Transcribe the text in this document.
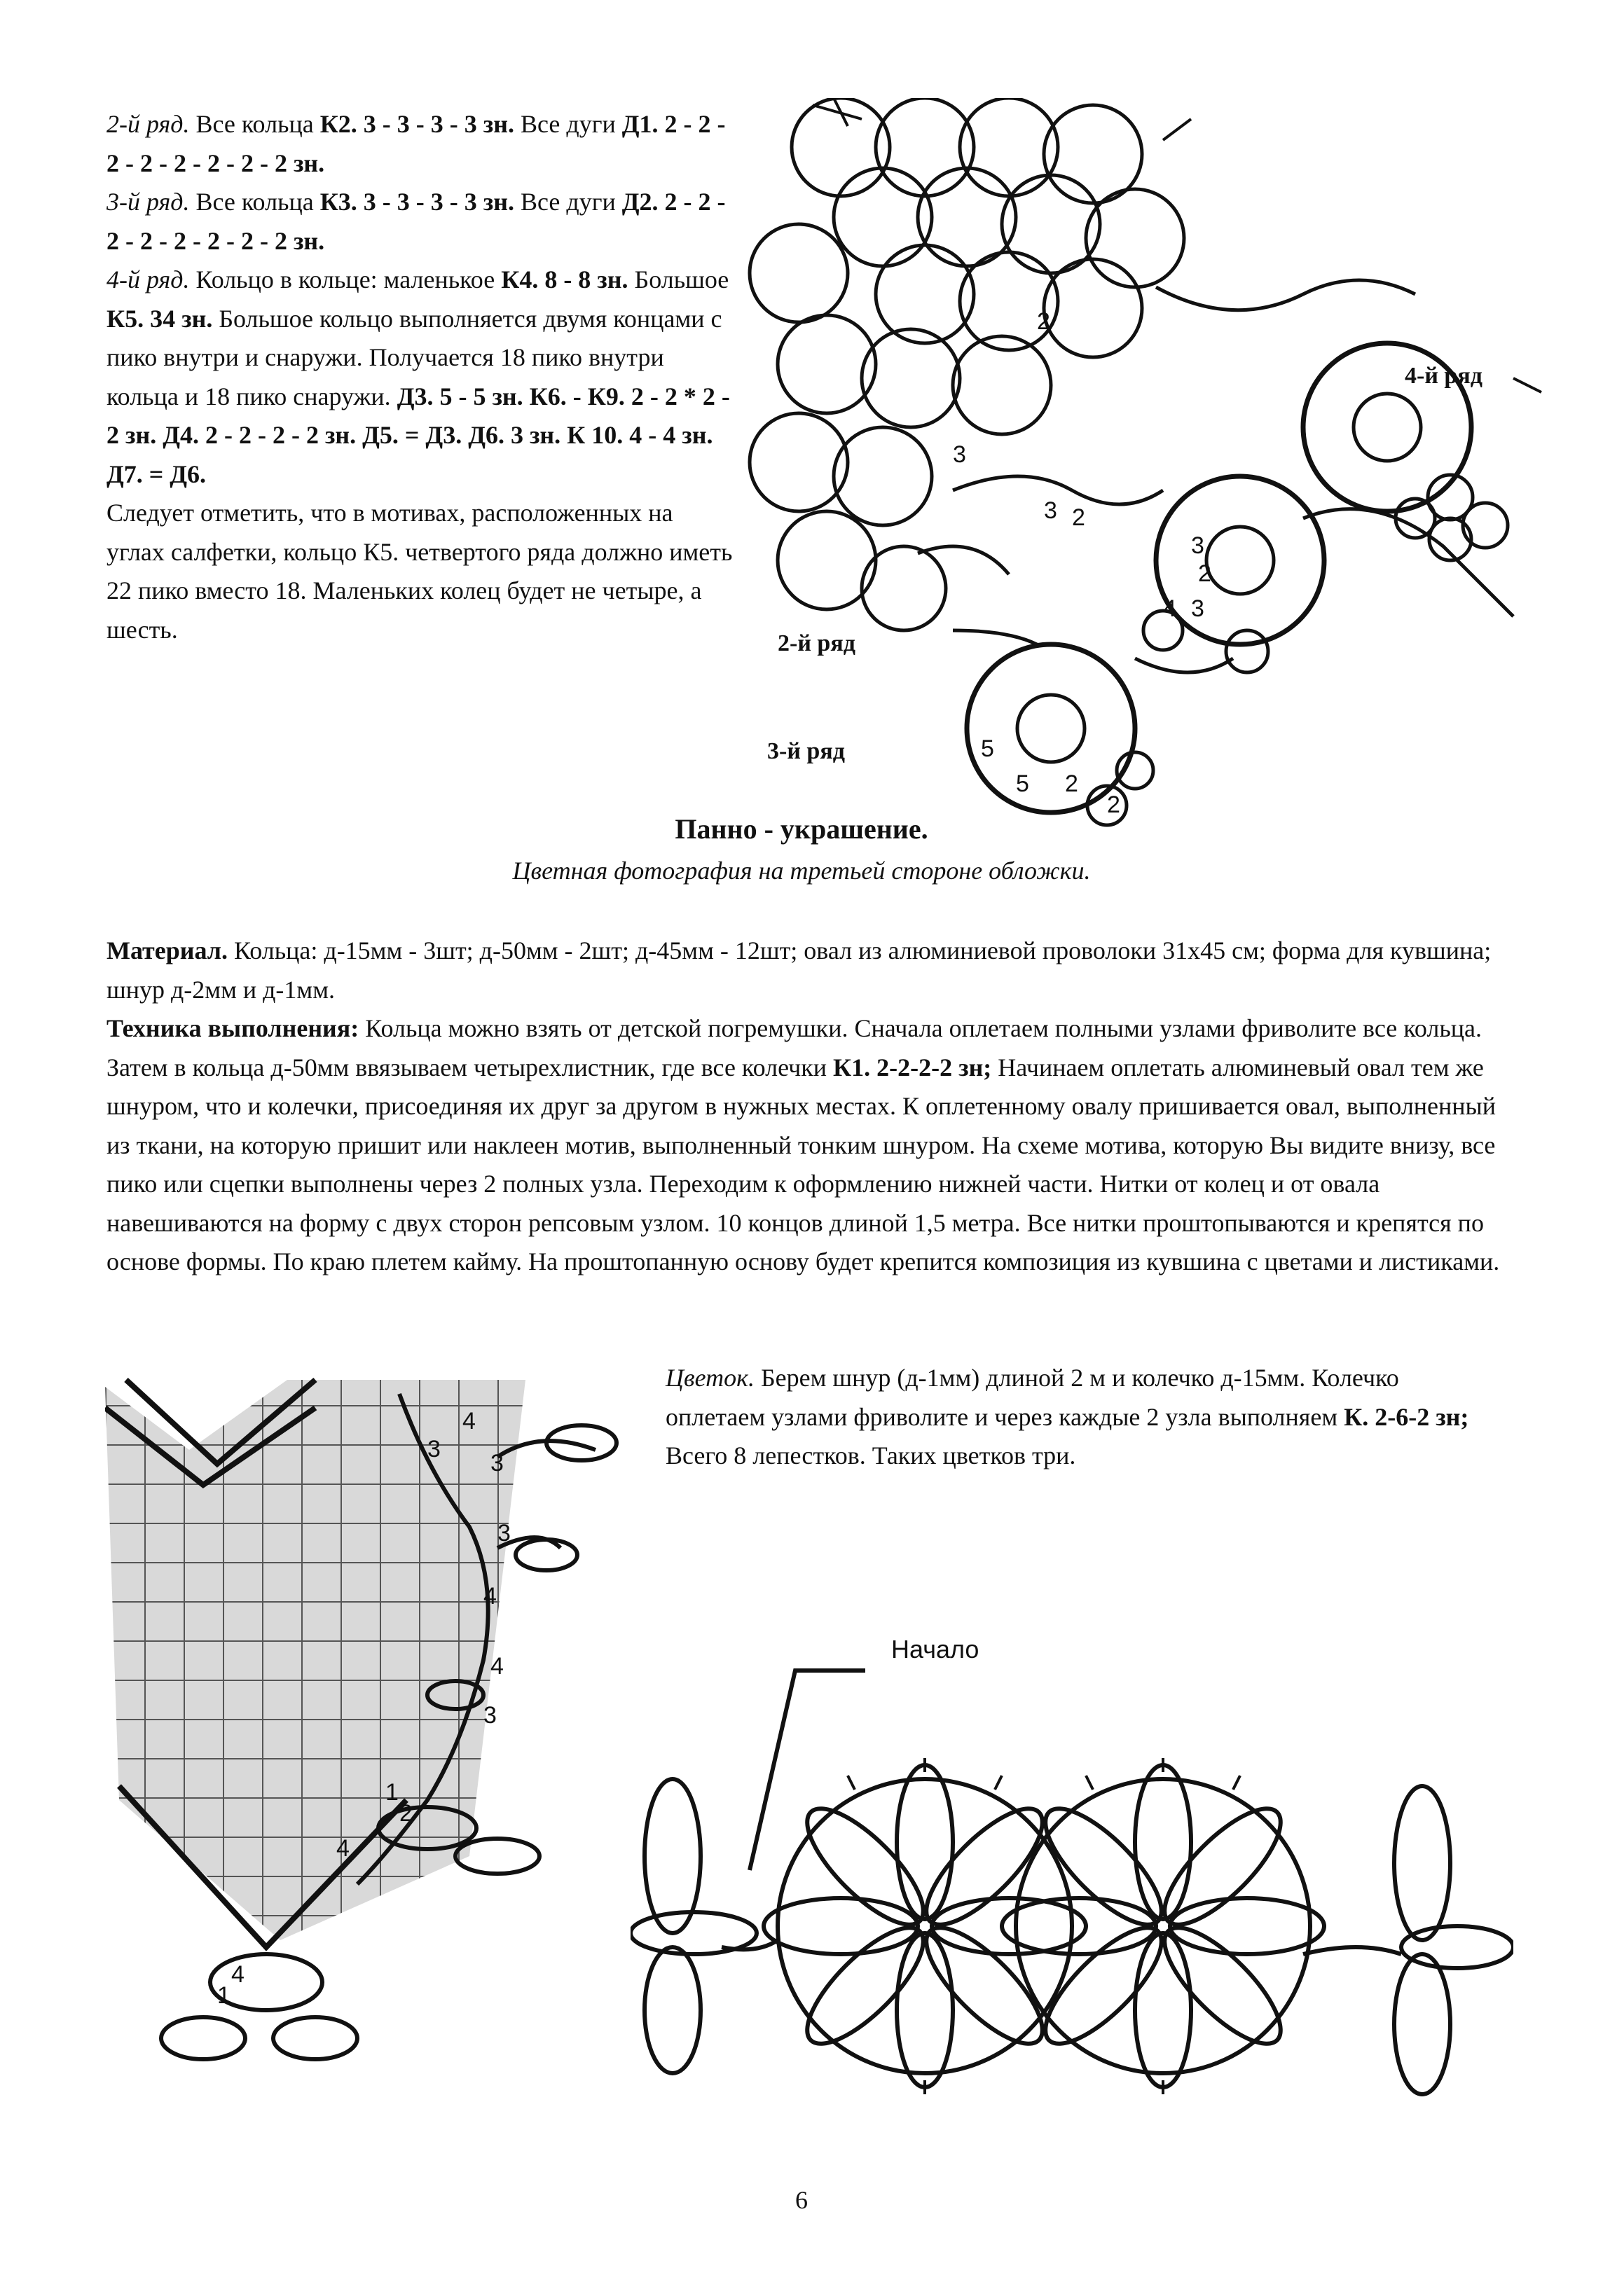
2-й ряд. Все кольца К2. 3 - 3 - 3 - 3 зн. Все дуги Д1. 2 - 2 - 2 - 2 - 2 - 2 - 2 - 2 зн.

3-й ряд. Все кольца К3. 3 - 3 - 3 - 3 зн. Все дуги Д2. 2 - 2 - 2 - 2 - 2 - 2 - 2 - 2 зн.

4-й ряд. Кольцо в кольце: маленькое К4. 8 - 8 зн. Большое К5. 34 зн. Большое кольцо выполняется двумя концами с пико внутри и снаружи. Получается 18 пико внутри кольца и 18 пико снаружи. Д3. 5 - 5 зн. К6. - К9. 2 - 2 * 2 - 2 зн. Д4. 2 - 2 - 2 - 2 зн. Д5. = Д3. Д6. 3 зн. К 10. 4 - 4 зн. Д7. = Д6.

Следует отметить, что в мотивах, расположенных на углах салфетки, кольцо К5. четвертого ряда должно иметь 22 пико вместо 18. Маленьких колец будет не четыре, а шесть.

2
3
3 2
3
2
4 3
5
5 2
2
4-й ряд
2-й ряд
3-й ряд
Панно - украшение.
Цветная фотография на третьей стороне обложки.

Материал. Кольца: д-15мм - 3шт; д-50мм - 2шт; д-45мм - 12шт; овал из алюминиевой проволоки 31x45 см; форма для кувшина; шнур д-2мм и д-1мм.

Техника выполнения: Кольца можно взять от детской погремушки. Сначала оплетаем полными узлами фриволите все кольца. Затем в кольца д-50мм ввязываем четырехлистник, где все колечки К1. 2-2-2-2 зн; Начинаем оплетать алюминевый овал тем же шнуром, что и колечки, присоединяя их друг за другом в нужных местах. К оплетенному овалу пришивается овал, выполненный из ткани, на которую пришит или наклеен мотив, выполненный тонким шнуром. На схеме мотива, которую Вы видите внизу, все пико или сцепки выполнены через 2 полных узла. Переходим к оформлению нижней части. Нитки от колец и от овала навешиваются на форму с двух сторон репсовым узлом. 10 концов длиной 1,5 метра. Все нитки проштопываются и крепятся по основе формы. По краю плетем кайму. На проштопанную основу будет крепится композиция из кувшина с цветами и листиками.

4
3
3
3
4
4
3
1
2
4
4
1
Цветок. Берем шнур (д-1мм) длиной 2 м и колечко д-15мм. Колечко оплетаем узлами фриволите и через каждые 2 узла выполняем К. 2-6-2 зн; Всего 8 лепестков. Таких цветков три.
Начало
6
